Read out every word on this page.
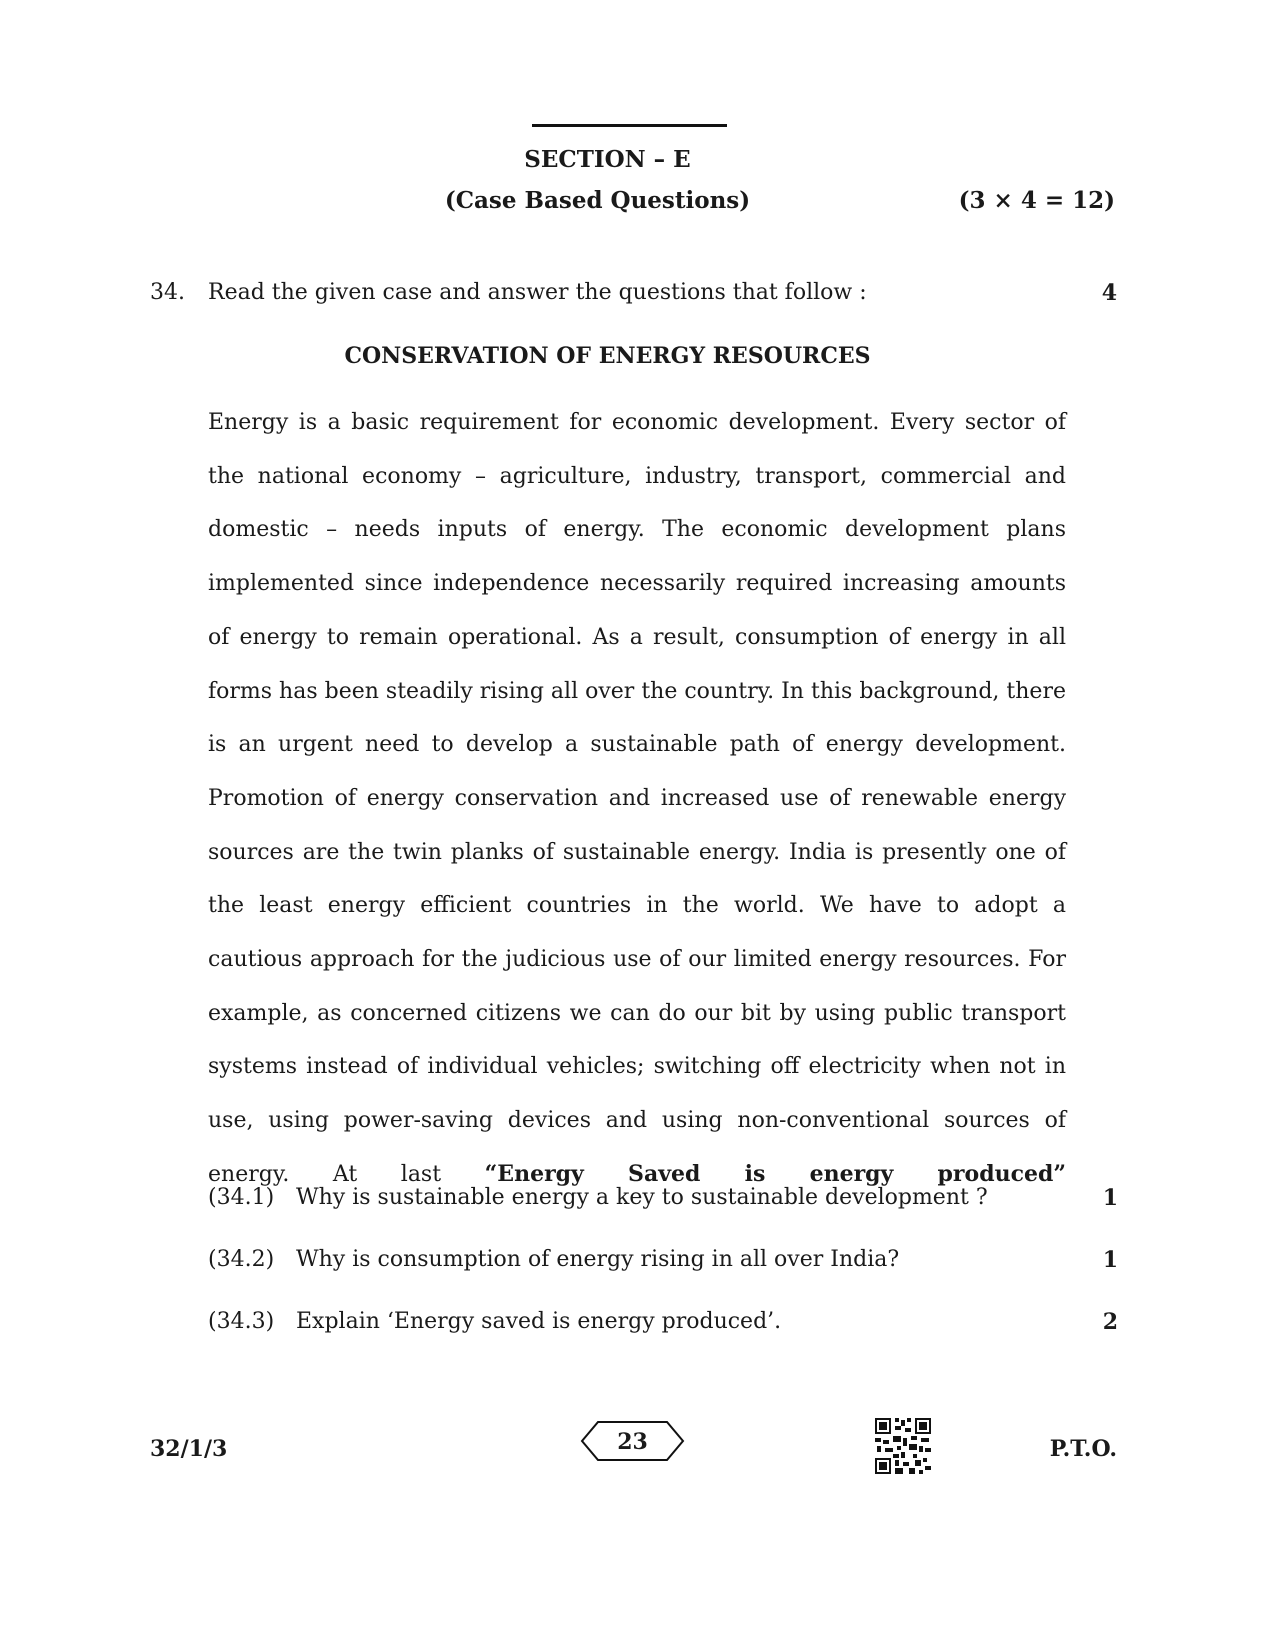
SECTION – E
(Case Based Questions)	(3 × 4 = 12)
34. Read the given case and answer the questions that follow :	4
CONSERVATION OF ENERGY RESOURCES
Energy is a basic requirement for economic development. Every sector of the national economy – agriculture, industry, transport, commercial and domestic – needs inputs of energy. The economic development plans implemented since independence necessarily required increasing amounts of energy to remain operational. As a result, consumption of energy in all forms has been steadily rising all over the country. In this background, there is an urgent need to develop a sustainable path of energy development. Promotion of energy conservation and increased use of renewable energy sources are the twin planks of sustainable energy. India is presently one of the least energy efficient countries in the world. We have to adopt a cautious approach for the judicious use of our limited energy resources. For example, as concerned citizens we can do our bit by using public transport systems instead of individual vehicles; switching off electricity when not in use, using power-saving devices and using non-conventional sources of energy. At last “Energy Saved is energy produced”
(34.1) Why is sustainable energy a key to sustainable development ?	1
(34.2) Why is consumption of energy rising in all over India?	1
(34.3) Explain ‘Energy saved is energy produced’.	2
32/1/3	23	P.T.O.
